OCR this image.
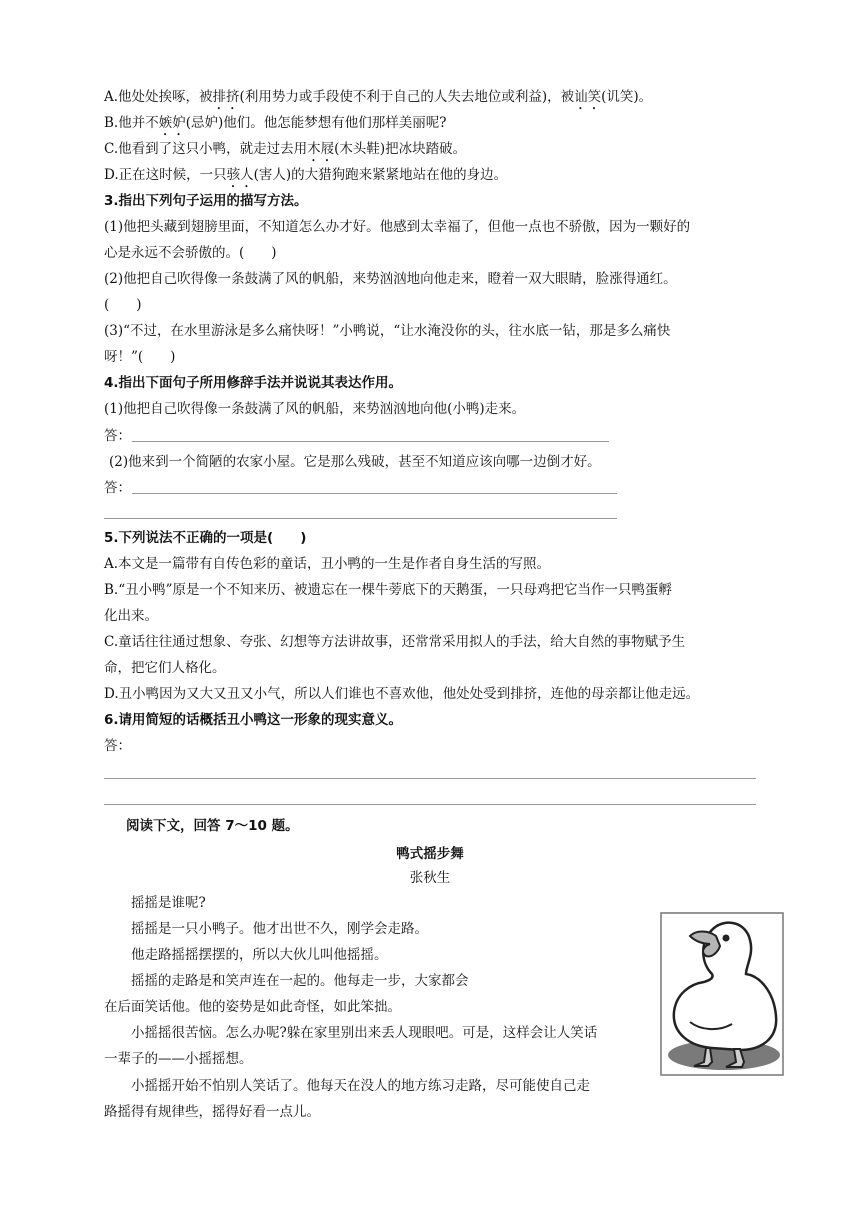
A.他处处挨啄，被排挤(利用势力或手段使不利于自己的人失去地位或利益)，被讪笑(讥笑)。
B.他并不嫉妒(忌妒)他们。他怎能梦想有他们那样美丽呢?
C.他看到了这只小鸭，就走过去用木屐(木头鞋)把冰块踏破。
D.正在这时候，一只骇人(害人)的大猎狗跑来紧紧地站在他的身边。
3.指出下列句子运用的描写方法。
(1)他把头藏到翅膀里面，不知道怎么办才好。他感到太幸福了，但他一点也不骄傲，因为一颗好的
心是永远不会骄傲的。(　　)
(2)他把自己吹得像一条鼓满了风的帆船，来势汹汹地向他走来，瞪着一双大眼睛，脸涨得通红。
(　　)
(3)“不过，在水里游泳是多么痛快呀！”小鸭说，“让水淹没你的头，往水底一钻，那是多么痛快
呀！”(　　)
4.指出下面句子所用修辞手法并说说其表达作用。
(1)他把自己吹得像一条鼓满了风的帆船，来势汹汹地向他(小鸭)走来。
答：
(2)他来到一个简陋的农家小屋。它是那么残破，甚至不知道应该向哪一边倒才好。
答：
5.下列说法不正确的一项是(　　)
A.本文是一篇带有自传色彩的童话，丑小鸭的一生是作者自身生活的写照。
B.“丑小鸭”原是一个不知来历、被遗忘在一棵牛蒡底下的天鹅蛋，一只母鸡把它当作一只鸭蛋孵
化出来。
C.童话往往通过想象、夸张、幻想等方法讲故事，还常常采用拟人的手法，给大自然的事物赋予生
命，把它们人格化。
D.丑小鸭因为又大又丑又小气，所以人们谁也不喜欢他，他处处受到排挤，连他的母亲都让他走远。
6.请用简短的话概括丑小鸭这一形象的现实意义。
答：
阅读下文，回答 7～10 题。
鸭式摇步舞
张秋生
摇摇是谁呢?
摇摇是一只小鸭子。他才出世不久，刚学会走路。
他走路摇摇摆摆的，所以大伙儿叫他摇摇。
摇摇的走路是和笑声连在一起的。他每走一步，大家都会
在后面笑话他。他的姿势是如此奇怪，如此笨拙。
小摇摇很苦恼。怎么办呢?躲在家里别出来丢人现眼吧。可是，这样会让人笑话
一辈子的——小摇摇想。
小摇摇开始不怕别人笑话了。他每天在没人的地方练习走路，尽可能使自己走
路摇得有规律些，摇得好看一点儿。
